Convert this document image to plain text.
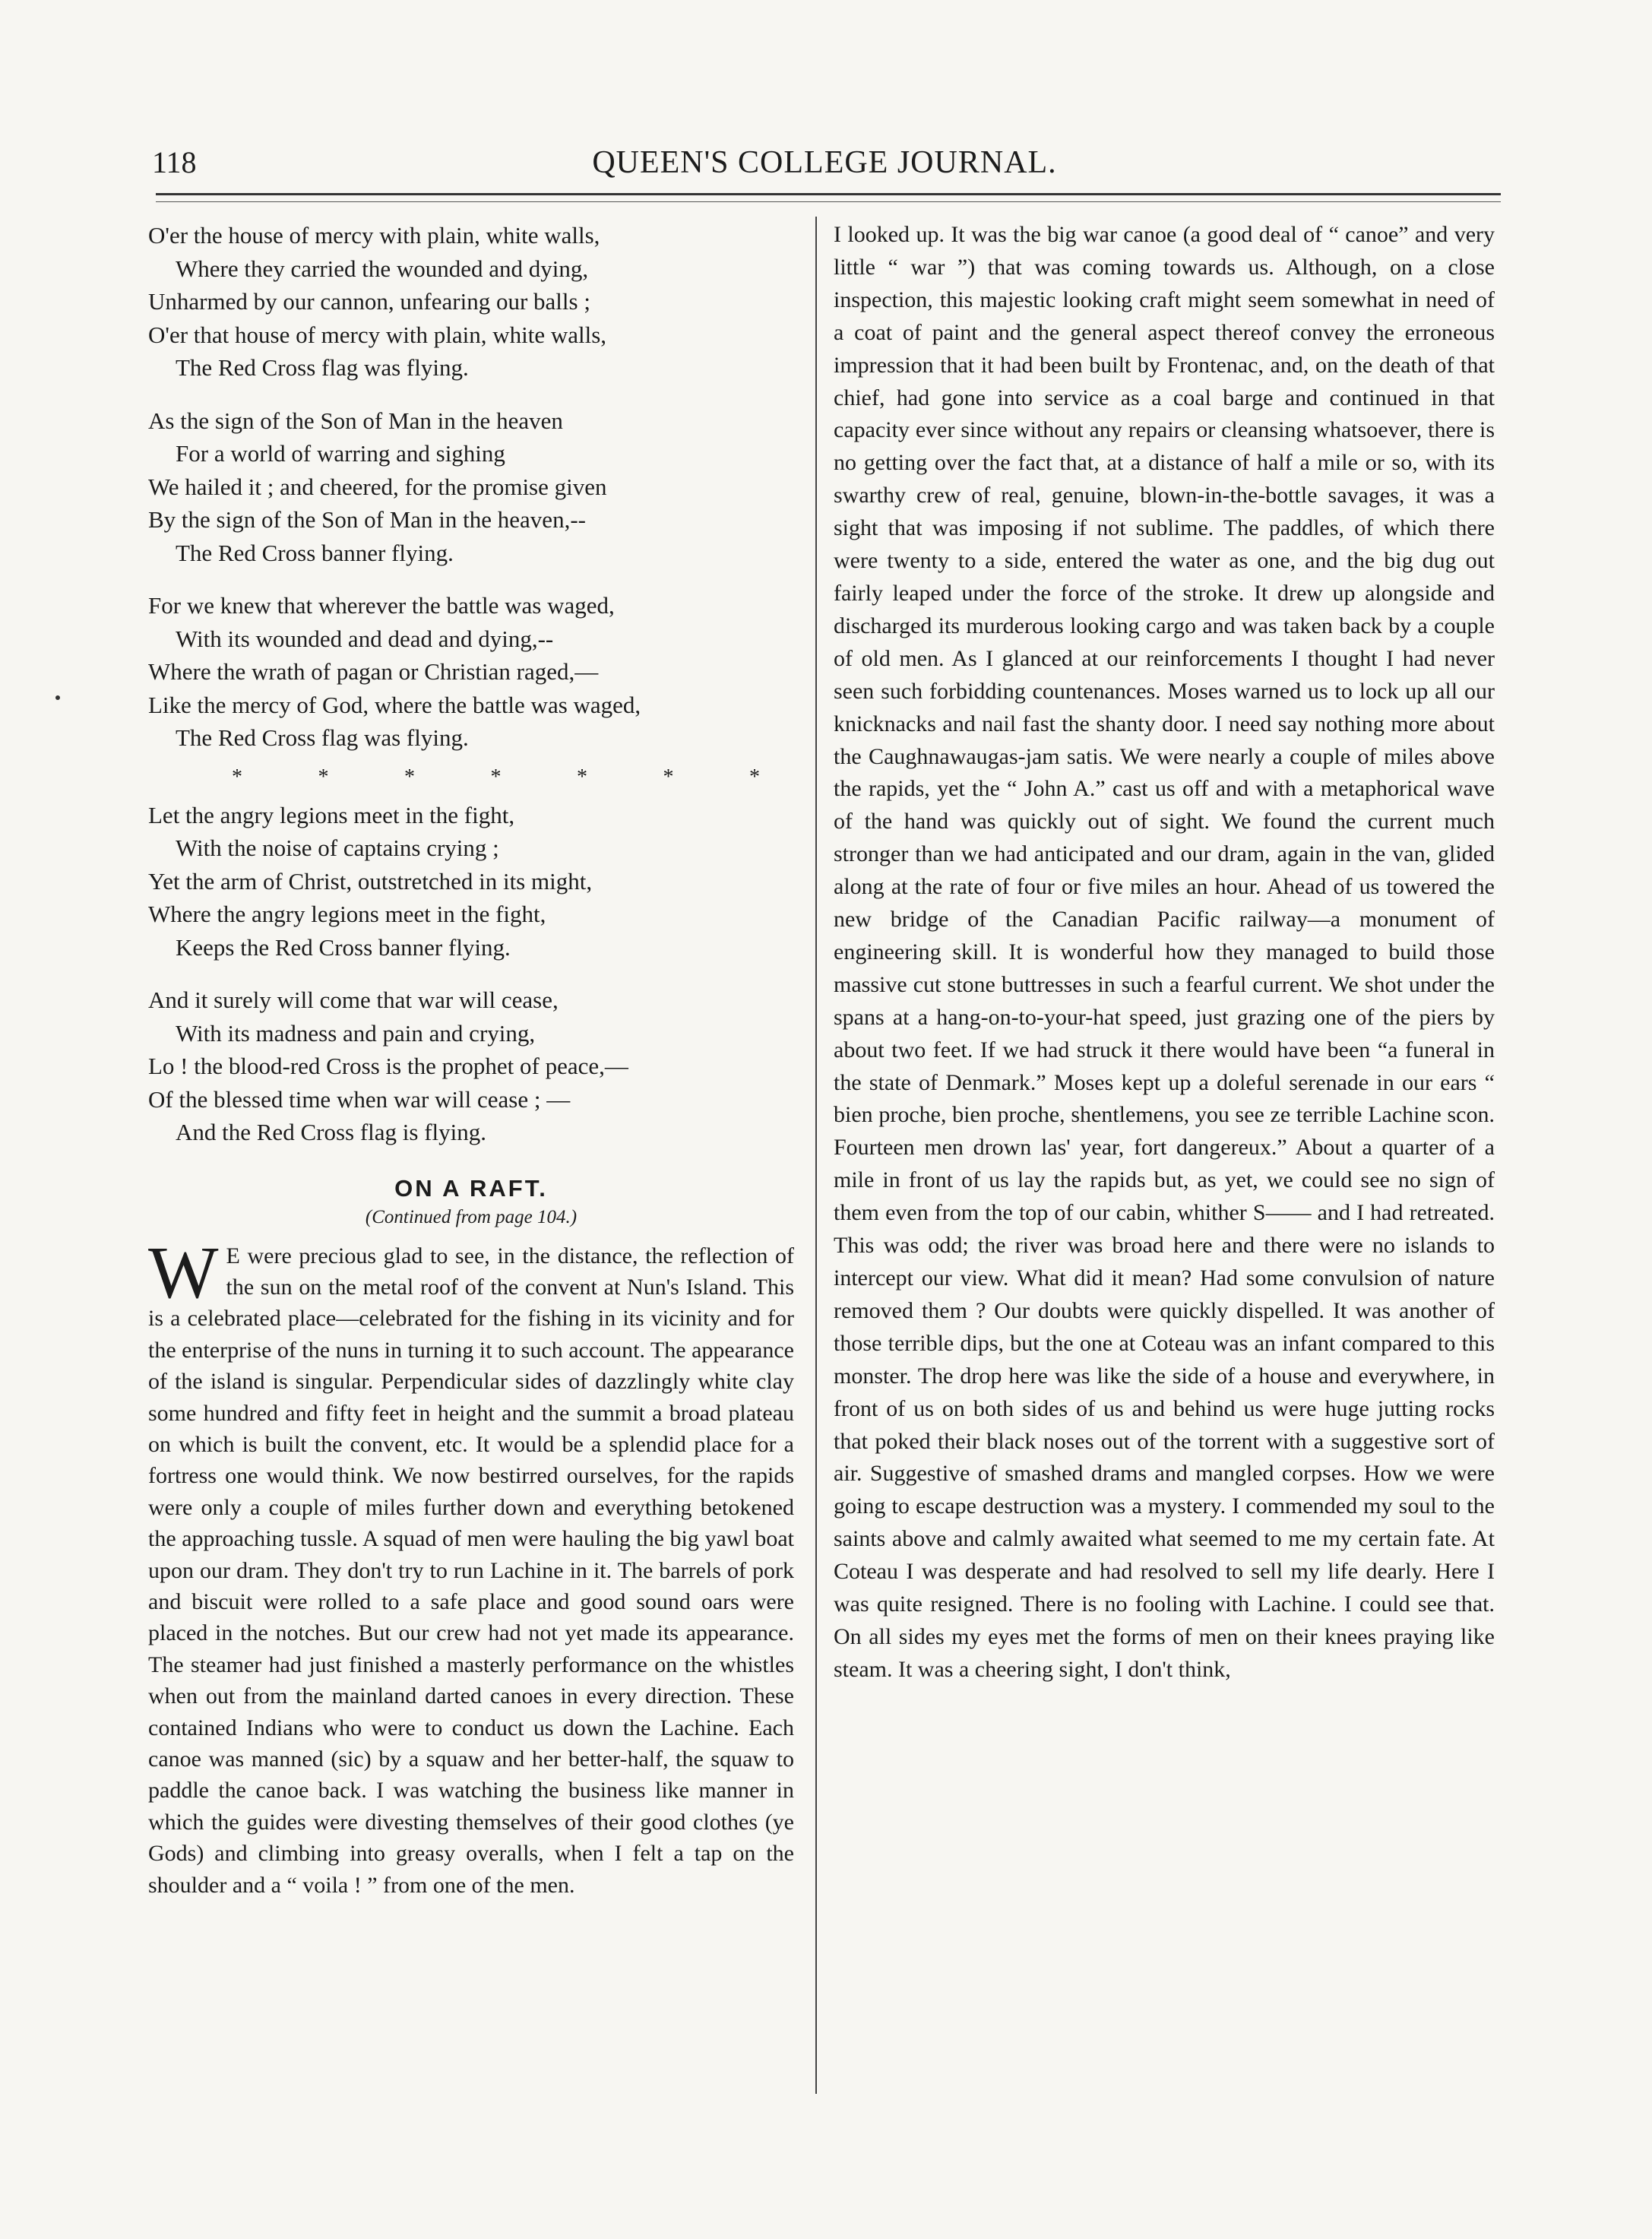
118	QUEEN'S COLLEGE JOURNAL.
O'er the house of mercy with plain, white walls,
Where they carried the wounded and dying,
Unharmed by our cannon, unfearing our balls ;
O'er that house of mercy with plain, white walls,
The Red Cross flag was flying.
As the sign of the Son of Man in the heaven
For a world of warring and sighing
We hailed it ; and cheered, for the promise given
By the sign of the Son of Man in the heaven,--
The Red Cross banner flying.
For we knew that wherever the battle was waged,
With its wounded and dead and dying,--
Where the wrath of pagan or Christian raged,—
Like the mercy of God, where the battle was waged,
The Red Cross flag was flying.
*	*	*	*	*	*	*
Let the angry legions meet in the fight,
With the noise of captains crying ;
Yet the arm of Christ, outstretched in its might,
Where the angry legions meet in the fight,
Keeps the Red Cross banner flying.
And it surely will come that war will cease,
With its madness and pain and crying,
Lo ! the blood-red Cross is the prophet of peace,—
Of the blessed time when war will cease ; —
And the Red Cross flag is flying.
ON A RAFT.
(Continued from page 104.)

W E were precious glad to see, in the distance, the reflection of the sun on the metal roof of the convent at Nun's Island. This is a celebrated place—celebrated for the fishing in its vicinity and for the enterprise of the nuns in turning it to such account. The appearance of the island is singular. Perpendicular sides of dazzlingly white clay some hundred and fifty feet in height and the summit a broad plateau on which is built the convent, etc. It would be a splendid place for a fortress one would think. We now bestirred ourselves, for the rapids were only a couple of miles further down and everything betokened the approaching tussle. A squad of men were hauling the big yawl boat upon our dram. They don't try to run Lachine in it. The barrels of pork and biscuit were rolled to a safe place and good sound oars were placed in the notches. But our crew had not yet made its appearance. The steamer had just finished a masterly performance on the whistles when out from the mainland darted canoes in every direction. These contained Indians who were to conduct us down the Lachine. Each canoe was manned (sic) by a squaw and her better-half, the squaw to paddle the canoe back. I was watching the business like manner in which the guides were divesting themselves of their good clothes (ye Gods) and climbing into greasy overalls, when I felt a tap on the shoulder and a “ voila ! ” from one of the men.

I looked up. It was the big war canoe (a good deal of “ canoe” and very little “ war ”) that was coming towards us. Although, on a close inspection, this majestic looking craft might seem somewhat in need of a coat of paint and the general aspect thereof convey the erroneous impression that it had been built by Frontenac, and, on the death of that chief, had gone into service as a coal barge and continued in that capacity ever since without any repairs or cleansing whatsoever, there is no getting over the fact that, at a distance of half a mile or so, with its swarthy crew of real, genuine, blown-in-the-bottle savages, it was a sight that was imposing if not sublime. The paddles, of which there were twenty to a side, entered the water as one, and the big dug out fairly leaped under the force of the stroke. It drew up alongside and discharged its murderous looking cargo and was taken back by a couple of old men. As I glanced at our reinforcements I thought I had never seen such forbidding countenances. Moses warned us to lock up all our knicknacks and nail fast the shanty door. I need say nothing more about the Caughnawaugas-jam satis. We were nearly a couple of miles above the rapids, yet the “ John A.” cast us off and with a metaphorical wave of the hand was quickly out of sight. We found the current much stronger than we had anticipated and our dram, again in the van, glided along at the rate of four or five miles an hour. Ahead of us towered the new bridge of the Canadian Pacific railway—a monument of engineering skill. It is wonderful how they managed to build those massive cut stone buttresses in such a fearful current. We shot under the spans at a hang-on-to-your-hat speed, just grazing one of the piers by about two feet. If we had struck it there would have been “a funeral in the state of Denmark.” Moses kept up a doleful serenade in our ears “ bien proche, bien proche, shentlemens, you see ze terrible Lachine scon. Fourteen men drown las' year, fort dangereux.” About a quarter of a mile in front of us lay the rapids but, as yet, we could see no sign of them even from the top of our cabin, whither S—— and I had retreated. This was odd; the river was broad here and there were no islands to intercept our view. What did it mean? Had some convulsion of nature removed them ? Our doubts were quickly dispelled. It was another of those terrible dips, but the one at Coteau was an infant compared to this monster. The drop here was like the side of a house and everywhere, in front of us on both sides of us and behind us were huge jutting rocks that poked their black noses out of the torrent with a suggestive sort of air. Suggestive of smashed drams and mangled corpses. How we were going to escape destruction was a mystery. I commended my soul to the saints above and calmly awaited what seemed to me my certain fate. At Coteau I was desperate and had resolved to sell my life dearly. Here I was quite resigned. There is no fooling with Lachine. I could see that. On all sides my eyes met the forms of men on their knees praying like steam. It was a cheering sight, I don't think,
